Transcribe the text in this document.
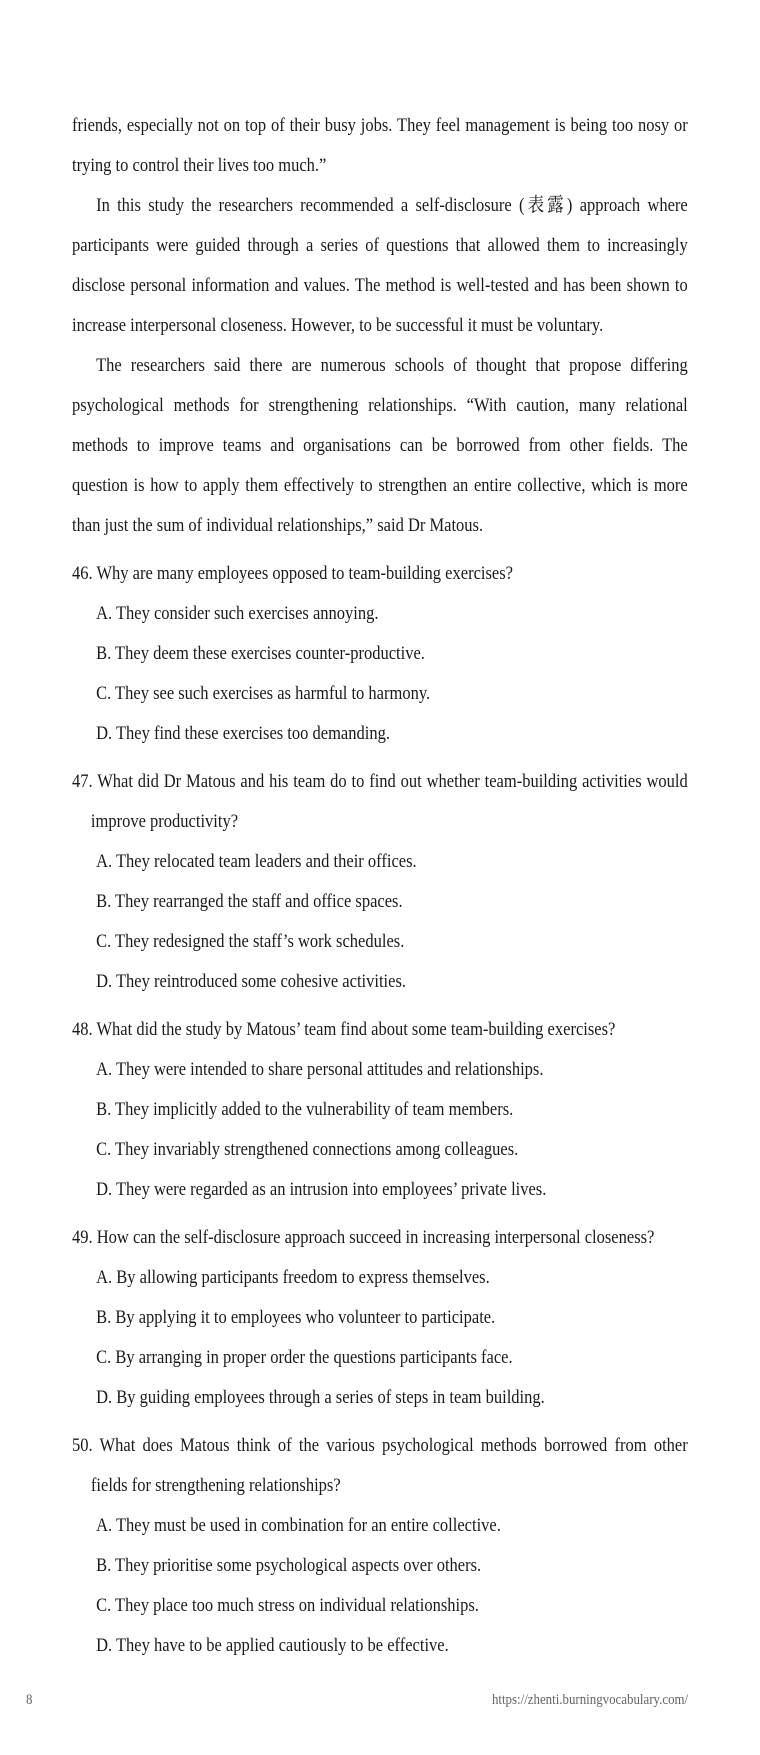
friends, especially not on top of their busy jobs. They feel management is being too nosy or trying to control their lives too much.”

In this study the researchers recommended a self-disclosure (表露) approach where participants were guided through a series of questions that allowed them to increasingly disclose personal information and values. The method is well-tested and has been shown to increase interpersonal closeness. However, to be successful it must be voluntary.

The researchers said there are numerous schools of thought that propose differing psychological methods for strengthening relationships. “With caution, many relational methods to improve teams and organisations can be borrowed from other fields. The question is how to apply them effectively to strengthen an entire collective, which is more than just the sum of individual relationships,” said Dr Matous.

46. Why are many employees opposed to team-building exercises?

A. They consider such exercises annoying.

B. They deem these exercises counter-productive.

C. They see such exercises as harmful to harmony.

D. They find these exercises too demanding.

47. What did Dr Matous and his team do to find out whether team-building activities would improve productivity?

A. They relocated team leaders and their offices.

B. They rearranged the staff and office spaces.

C. They redesigned the staff’s work schedules.

D. They reintroduced some cohesive activities.

48. What did the study by Matous’ team find about some team-building exercises?

A. They were intended to share personal attitudes and relationships.

B. They implicitly added to the vulnerability of team members.

C. They invariably strengthened connections among colleagues.

D. They were regarded as an intrusion into employees’ private lives.

49. How can the self-disclosure approach succeed in increasing interpersonal closeness?

A. By allowing participants freedom to express themselves.

B. By applying it to employees who volunteer to participate.

C. By arranging in proper order the questions participants face.

D. By guiding employees through a series of steps in team building.

50. What does Matous think of the various psychological methods borrowed from other fields for strengthening relationships?

A. They must be used in combination for an entire collective.

B. They prioritise some psychological aspects over others.

C. They place too much stress on individual relationships.

D. They have to be applied cautiously to be effective.

8	https://zhenti.burningvocabulary.com/
